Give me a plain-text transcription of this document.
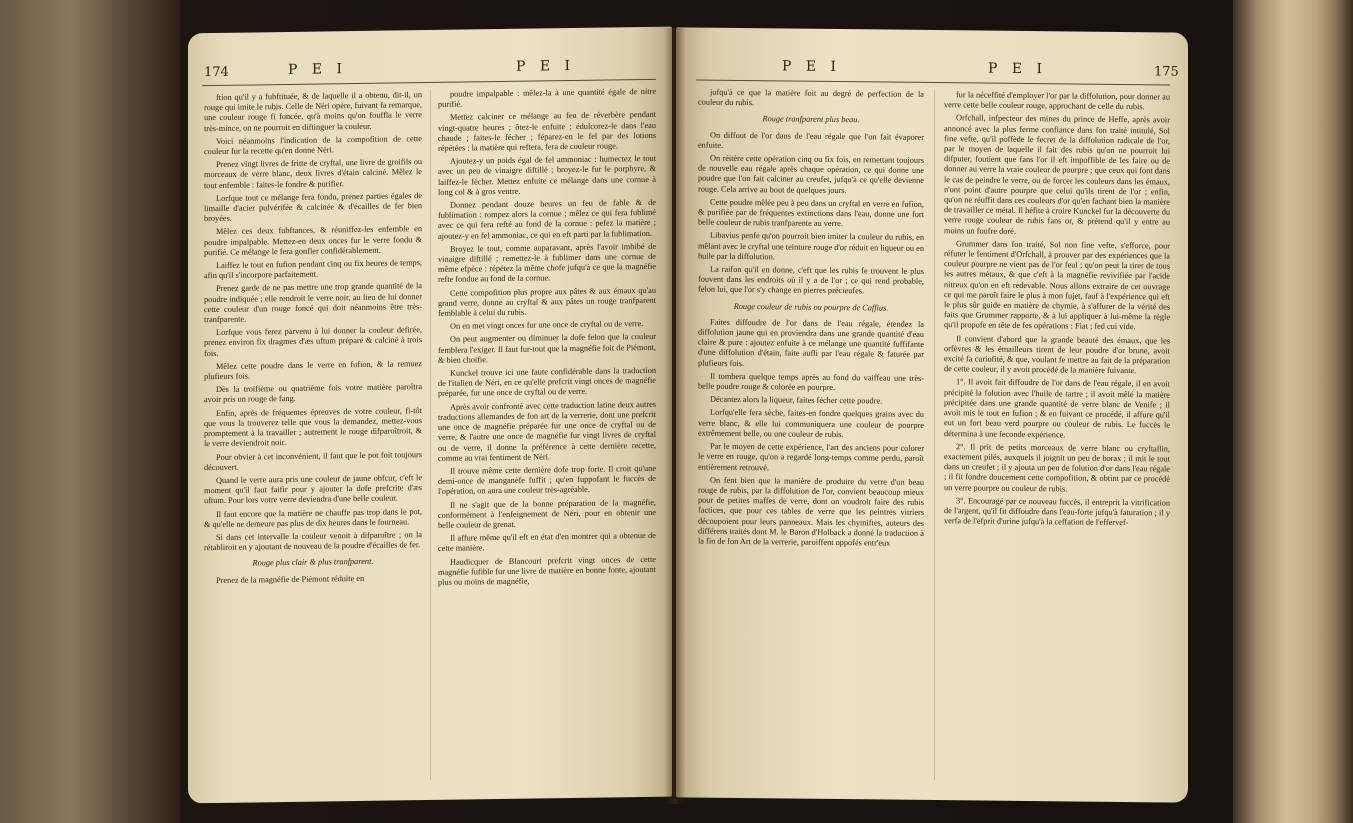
174	P E I	P E I

ftion qu'il y a fubftituée, & de laquelle il a obtenu, dit-il, un rouge qui imite le rubis. Celle de Néri opère, fuivant fa remarque, une couleur rouge fi foncée, qu'à moins qu'on fouffla le verre très-mince, on ne pourroit en diftinguer la couleur.

Voici néanmoins l'indication de la compofition de cette couleur fur la recette qu'en donne Néri.

Prenez vingt livres de fritte de cryftal, une livre de groifils ou morceaux de verre blanc, deux livres d'étain calciné. Mêlez le tout enfemble : faites-le fondre & purifier.

Lorfque tout ce mélange fera fondu, prenez parties égales de limaille d'acier pulvérifée & calcinée & d'écailles de fer bien broyées.

Mêlez ces deux fubftances, & réuniffez-les enfemble en poudre impalpable. Mettez-en deux onces fur le verre fondu & purifié. Ce mélange le fera gonfler confidérablement.

Laiffez le tout en fufion pendant cinq ou fix heures de temps, afin qu'il s'incorpore parfaitement.

Prenez garde de ne pas mettre une trop grande quantité de la poudre indiquée ; elle rendroit le verre noir, au lieu de lui donner cette couleur d'un rouge foncé qui doit néanmoins être très-tranfparente.

Lorfque vous ferez parvenu à lui donner la couleur defirée, prenez environ fix dragmes d'æs uftum préparé & calciné à trois fois.

Mêlez cette poudre dans le verre en fufion, & la remuez plufieurs fois.

Dès la troifième ou quatrième fois votre matière paroîtra avoir pris un rouge de fang.

Enfin, après de fréquentes épreuves de votre couleur, fi-tôt que vous la trouverez telle que vous la demandez, mettez-vous promptement à la travailler ; autrement le rouge difparoîtroit, & le verre deviendroit noir.

Pour obvier à cet inconvénient, il faut que le pot foit toujours découvert.

Quand le verre aura pris une couleur de jaune obfcur, c'eft le moment qu'il faut faifir pour y ajouter la dofe prefcrite d'æs uftum. Pour lors votre verre deviendra d'une belle couleur.

Il faut encore que la matière ne chauffe pas trop dans le pot, & qu'elle ne demeure pas plus de dix heures dans le fourneau.

Si dans cet intervalle la couleur venoit à difparoître ; on la rétabliroit en y ajoutant de nouveau de la poudre d'écailles de fer.

Rouge plus clair & plus tranfparent.

Prenez de la magnéfie de Piémont réduite en

poudre impalpable : mêlez-la à une quantité égale de nitre purifié.

Mettez calciner ce mélange au feu de réverbère pendant vingt-quatre heures ; ôtez-le enfuite ; édulcorez-le dans l'eau chaude ; faites-le fécher ; féparez-en le fel par des lotions répétées : la matière qui reftera, fera de couleur rouge.

Ajoutez-y un poids égal de fel ammoniac : humectez le tout avec un peu de vinaigre diftillé ; broyez-le fur le porphyre, & laiffez-le fécher. Mettez enfuite ce mélange dans une cornue à long col & à gros ventre.

Donnez pendant douze heures un feu de fable & de fublimation : rompez alors la cornue ; mêlez ce qui fera fublimé avec ce qui fera refté au fond de la cornue : pefez la matière ; ajoutez-y en fel ammoniac, ce qui en eft parti par la fublimation.

Broyez le tout, comme auparavant, après l'avoir imbibé de vinaigre diftillé ; remettez-le à fublimer dans une cornue de même efpèce : répétez la même chofe jufqu'à ce que la magnéfie refte fondue au fond de la cornue.

Cette compofition plus propre aux pâtes & aux émaux qu'au grand verre, donne au cryftal & aux pâtes un rouge tranfparent femblable à celui du rubis.

On en met vingt onces fur une once de cryftal ou de verre.

On peut augmenter ou diminuer la dofe felon que la couleur femblera l'exiger. Il faut fur-tout que la magnéfie foit de Piémont, & bien choifie.

Kunckel trouve ici une faute confidérable dans la traduction de l'italien de Néri, en ce qu'elle prefcrit vingt onces de magnéfie préparée, fur une once de cryftal ou de verre.

Après avoir confronté avec cette traduction latine deux autres traductions allemandes de fon art de la verrerie, dont une prefcrit une once de magnéfie préparée fur une once de cryftal ou de verre, & l'autre une once de magnéfie fur vingt livres de cryftal ou de verre, il donne la préférence à cette dernière recette, comme au vrai fentiment de Néri.

Il trouve même cette dernière dofe trop forte. Il croit qu'une demi-once de manganèfe fuffit ; qu'en fuppofant le fuccès de l'opération, on aura une couleur très-agréable.

Il ne s'agit que de la bonne préparation de la magnéfie, conformément à l'enfeignement de Néri, pour en obtenir une belle couleur de grenat.

Il affure même qu'il eft en état d'en montrer qui a obtenue de cette manière.

Haudicquer de Blancourt prefcrit vingt onces de cette magnéfie fufible fur une livre de matière en bonne fonte, ajoutant plus ou moins de magnéfie,

P E I	P E I	175

jufqu'à ce que la matière foit au degré de perfection de la couleur du rubis.

Rouge tranfparent plus beau.

On diffout de l'or dans de l'eau régale que l'on fait évaporer enfuite.

On réitère cette opération cinq ou fix fois, en remettant toujours de nouvelle eau régale après chaque opération, ce qui donne une poudre que l'on fait calciner au creufet, jufqu'à ce qu'elle devienne rouge. Cela arrive au bout de quelques jours.

Cette poudre mêlée peu à peu dans un cryftal en verre en fufion, & purifiée par de fréquentes extinctions dans l'eau, donne une fort belle couleur de rubis tranfparente au verre.

Libavius penfe qu'on pourroit bien imiter la couleur du rubis, en mêlant avec le cryftal une teinture rouge d'or réduit en liqueur ou en huile par la diffolution.

La raifon qu'il en donne, c'eft que les rubis fe trouvent le plus fouvent dans les endroits où il y a de l'or ; ce qui rend probable, felon lui, que l'or s'y change en pierres précieufes.

Rouge couleur de rubis ou pourpre de Caffius.

Faites diffoudre de l'or dans de l'eau régale, étendez la diffolution jaune qui en proviendra dans une grande quantité d'eau claire & pure : ajoutez enfuite à ce mélange une quantité fuffifante d'une diffolution d'étain, faite aufli par l'eau régale & faturée par plufieurs fois.

Il tombera quelque temps après au fond du vaiffeau une très-belle poudre rouge & colorée en pourpre.

Décantez alors la liqueur, faites fécher cette poudre.

Lorfqu'elle fera sèche, faites-en fondre quelques grains avec du verre blanc, & elle lui communiquera une couleur de pourpre extrêmement belle, ou une couleur de rubis.

Par le moyen de cette expérience, l'art des anciens pour colorer le verre en rouge, qu'on a regardé long-temps comme perdu, paroît entièrement retrouvé.

On fent bien que la manière de produire du verre d'un beau rouge de rubis, par la diffolution de l'or, convient beaucoup mieux pour de petites maffes de verre, dont on voudroit faire des rubis factices, que pour ces tables de verre que les peintres vitriers découpoient pour leurs panneaux. Mais les chymiftes, auteurs des différens traités dont M. le Baron d'Holback a donné la traduction à la fin de fon Art de la verrerie, paroiffent oppofés entr'eux

fur la néceffité d'employer l'or par la diffolution, pour donner au verre cette belle couleur rouge, approchant de celle du rubis.

Orfchall, infpecteur des mines du prince de Heffe, après avoir annoncé avec la plus ferme confiance dans fon traité intitulé, Sol fine vefte, qu'il poffède le fecret de la diffolution radicale de l'or, par le moyen de laquelle il fait des rubis qu'on ne pourroit lui difputer, foutient que fans l'or il eft impoffible de les faire ou de donner au verre la vraie couleur de pourpre ; que ceux qui font dans le cas de peindre le verre, ou de forcer les couleurs dans les émaux, n'ont point d'autre pourpre que celui qu'ils tirent de l'or ; enfin, qu'on ne réuffit dans ces couleurs d'or qu'en fachant bien la manière de travailler ce métal. Il héfite à croire Kunckel fur la découverte du verre rouge couleur de rubis fans or, & prétend qu'il y entre au moins un foufre doré.

Grummer dans fon traité, Sol non fine vefte, s'efforce, pour réfuter le fentiment d'Orfchall, à prouver par des expériences que la couleur pourpre ne vient pas de l'or feul ; qu'on peut la tirer de tous les autres métaux, & que c'eft à la magnéfie revivifiée par l'acide nitreux qu'on en eft redevable. Nous allons extraire de cet ouvrage ce qui me paroît faire le plus à mon fujet, fauf à l'expérience qui eft le plus sûr guide en matière de chymie, à s'affurer de la vérité des faits que Grummer rapporte, & à lui appliquer à lui-même la règle qu'il propofe en tête de fes opérations : Fiat ; fed cui vide.

Il convient d'abord que la grande beauté des émaux, que les orfèvres & les émailleurs tirent de leur poudre d'or brune, avoit excité fa curiofité, & que, voulant fe mettre au fait de la préparation de cette couleur, il y avoit procédé de la manière fuivante.

1°. Il avoit fait diffoudre de l'or dans de l'eau régale, il en avoit précipité la folution avec l'huile de tartre ; il avoit mêlé la matière précipitée dans une grande quantité de verre blanc de Venife ; il avoit mis le tout en fufion ; & en fuivant ce procédé, il affure qu'il eut un fort beau verd pourpre ou couleur de rubis. Le fuccès le détermina à une feconde expérience.

2°. Il prit de petits morceaux de verre blanc ou cryftallin, exactement pilés, auxquels il joignit un peu de borax ; il mit le tout dans un creufet ; il y ajouta un peu de folution d'or dans l'eau régale ; il fit fondre doucement cette compofition, & obtint par ce procédé un verre pourpre ou couleur de rubis.

3°. Encouragé par ce nouveau fuccès, il entreprit la vitrification de l'argent, qu'il fit diffoudre dans l'eau-forte jufqu'à faturation ; il y verfa de l'efprit d'urine jufqu'à la ceffation de l'effervef-
